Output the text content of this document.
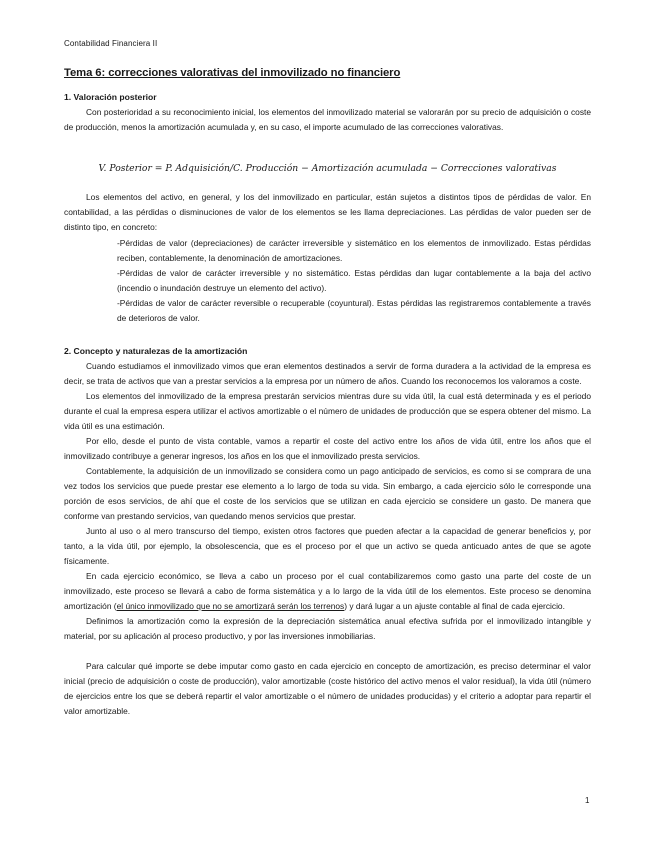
Contabilidad Financiera II
Tema 6: correcciones valorativas del inmovilizado no financiero

1. Valoración posterior

Con posterioridad a su reconocimiento inicial, los elementos del inmovilizado material se valorarán por su precio de adquisición o coste de producción, menos la amortización acumulada y, en su caso, el importe acumulado de las correcciones valorativas.

V. Posterior = P. Adquisición/C. Producción − Amortización acumulada − Correcciones valorativas
Los elementos del activo, en general, y los del inmovilizado en particular, están sujetos a distintos tipos de pérdidas de valor. En contabilidad, a las pérdidas o disminuciones de valor de los elementos se les llama depreciaciones. Las pérdidas de valor pueden ser de distinto tipo, en concreto:

-Pérdidas de valor (depreciaciones) de carácter irreversible y sistemático en los elementos de inmovilizado. Estas pérdidas reciben, contablemente, la denominación de amortizaciones.

-Pérdidas de valor de carácter irreversible y no sistemático. Estas pérdidas dan lugar contablemente a la baja del activo (incendio o inundación destruye un elemento del activo).

-Pérdidas de valor de carácter reversible o recuperable (coyuntural). Estas pérdidas las registraremos contablemente a través de deterioros de valor.

2. Concepto y naturalezas de la amortización

Cuando estudiamos el inmovilizado vimos que eran elementos destinados a servir de forma duradera a la actividad de la empresa es decir, se trata de activos que van a prestar servicios a la empresa por un número de años. Cuando los reconocemos los valoramos a coste.

Los elementos del inmovilizado de la empresa prestarán servicios mientras dure su vida útil, la cual está determinada y es el periodo durante el cual la empresa espera utilizar el activos amortizable o el número de unidades de producción que se espera obtener del mismo. La vida útil es una estimación.

Por ello, desde el punto de vista contable, vamos a repartir el coste del activo entre los años de vida útil, entre los años que el inmovilizado contribuye a generar ingresos, los años en los que el inmovilizado presta servicios.

Contablemente, la adquisición de un inmovilizado se considera como un pago anticipado de servicios, es como si se comprara de una vez todos los servicios que puede prestar ese elemento a lo largo de toda su vida. Sin embargo, a cada ejercicio sólo le corresponde una porción de esos servicios, de ahí que el coste de los servicios que se utilizan en cada ejercicio se considere un gasto. De manera que conforme van prestando servicios, van quedando menos servicios que prestar.

Junto al uso o al mero transcurso del tiempo, existen otros factores que pueden afectar a la capacidad de generar beneficios y, por tanto, a la vida útil, por ejemplo, la obsolescencia, que es el proceso por el que un activo se queda anticuado antes de que se agote físicamente.

En cada ejercicio económico, se lleva a cabo un proceso por el cual contabilizaremos como gasto una parte del coste de un inmovilizado, este proceso se llevará a cabo de forma sistemática y a lo largo de la vida útil de los elementos. Este proceso se denomina amortización (el único inmovilizado que no se amortizará serán los terrenos) y dará lugar a un ajuste contable al final de cada ejercicio.

Definimos la amortización como la expresión de la depreciación sistemática anual efectiva sufrida por el inmovilizado intangible y material, por su aplicación al proceso productivo, y por las inversiones inmobiliarias.

Para calcular qué importe se debe imputar como gasto en cada ejercicio en concepto de amortización, es preciso determinar el valor inicial (precio de adquisición o coste de producción), valor amortizable (coste histórico del activo menos el valor residual), la vida útil (número de ejercicios entre los que se deberá repartir el valor amortizable o el número de unidades producidas) y el criterio a adoptar para repartir el valor amortizable.

1
